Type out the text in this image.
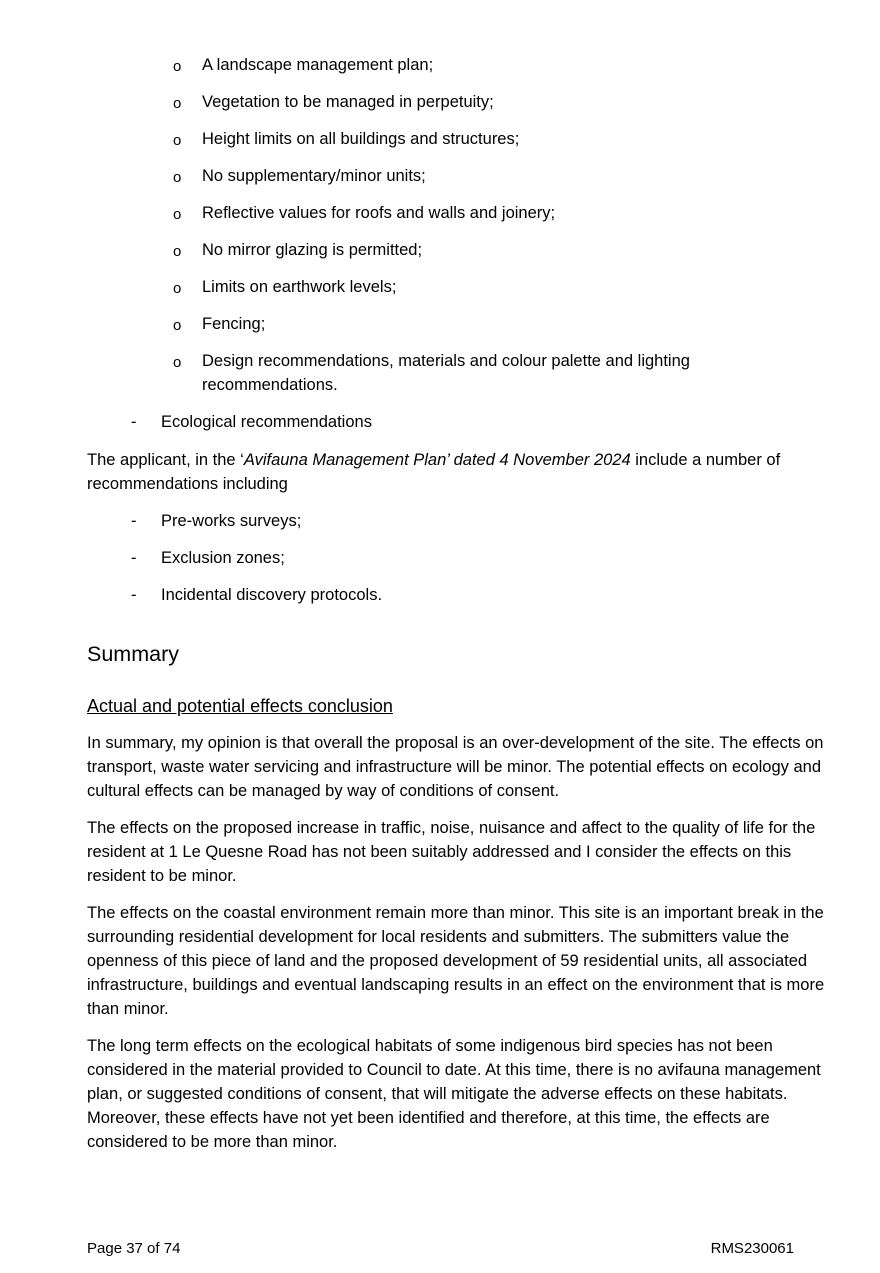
o A landscape management plan;
o Vegetation to be managed in perpetuity;
o Height limits on all buildings and structures;
o No supplementary/minor units;
o Reflective values for roofs and walls and joinery;
o No mirror glazing is permitted;
o Limits on earthwork levels;
o Fencing;
o Design recommendations, materials and colour palette and lighting recommendations.
- Ecological recommendations

The applicant, in the ‘Avifauna Management Plan’ dated 4 November 2024 include a number of recommendations including

- Pre-works surveys;
- Exclusion zones;
- Incidental discovery protocols.
Summary
Actual and potential effects conclusion

In summary, my opinion is that overall the proposal is an over-development of the site. The effects on transport, waste water servicing and infrastructure will be minor. The potential effects on ecology and cultural effects can be managed by way of conditions of consent.

The effects on the proposed increase in traffic, noise, nuisance and affect to the quality of life for the resident at 1 Le Quesne Road has not been suitably addressed and I consider the effects on this resident to be minor.

The effects on the coastal environment remain more than minor. This site is an important break in the surrounding residential development for local residents and submitters. The submitters value the openness of this piece of land and the proposed development of 59 residential units, all associated infrastructure, buildings and eventual landscaping results in an effect on the environment that is more than minor.

The long term effects on the ecological habitats of some indigenous bird species has not been considered in the material provided to Council to date. At this time, there is no avifauna management plan, or suggested conditions of consent, that will mitigate the adverse effects on these habitats. Moreover, these effects have not yet been identified and therefore, at this time, the effects are considered to be more than minor.

Page 37 of 74	RMS230061
